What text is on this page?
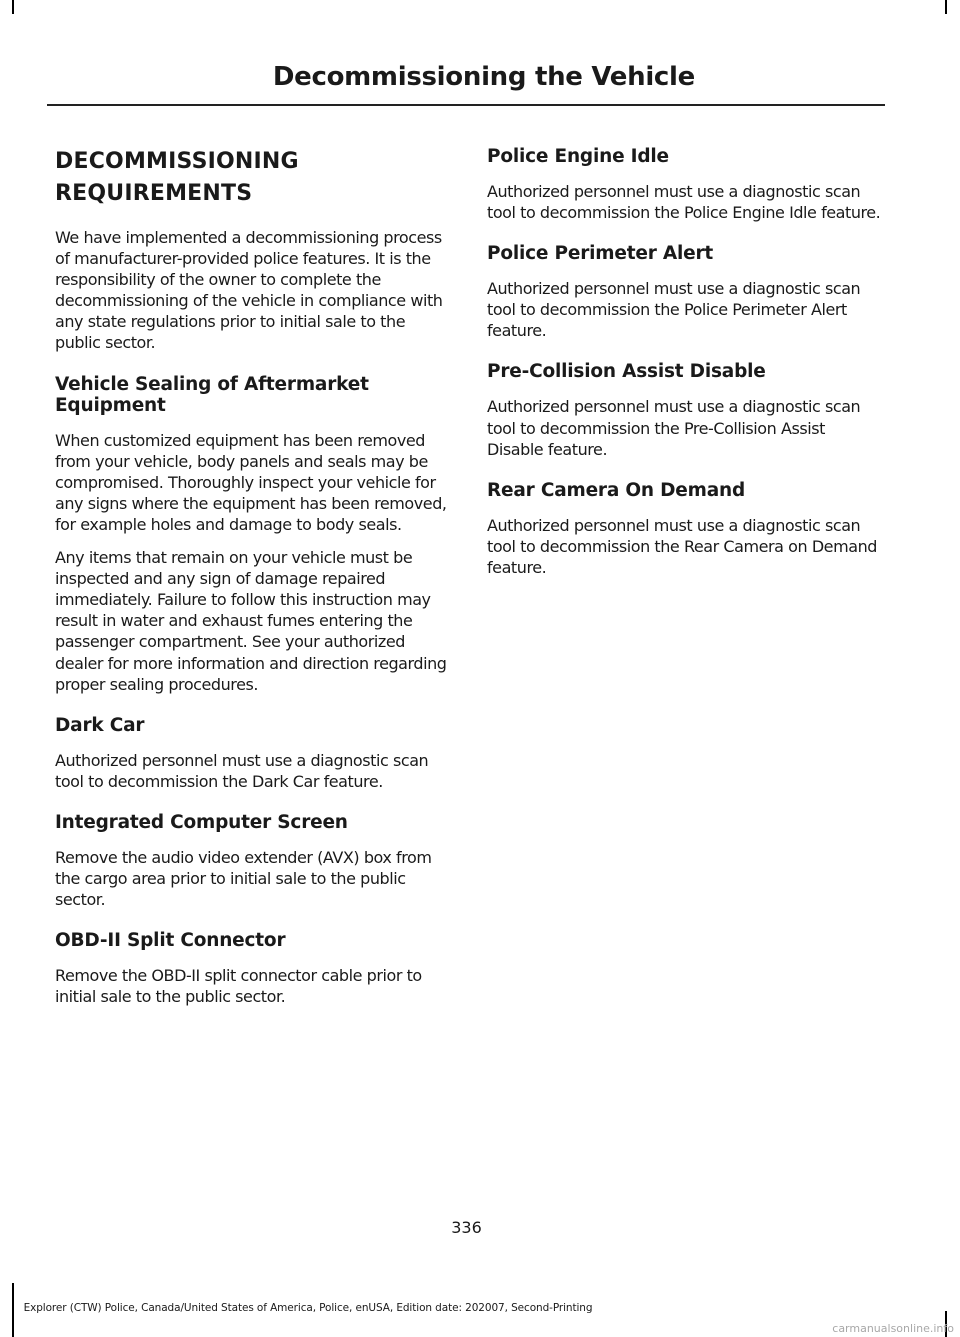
Decommissioning the Vehicle
DECOMMISSIONING
REQUIREMENTS

We have implemented a decommissioning process of manufacturer-provided police features. It is the responsibility of the owner to complete the decommissioning of the vehicle in compliance with any state regulations prior to initial sale to the public sector.

Vehicle Sealing of Aftermarket Equipment

When customized equipment has been removed from your vehicle, body panels and seals may be compromised. Thoroughly inspect your vehicle for any signs where the equipment has been removed, for example holes and damage to body seals.

Any items that remain on your vehicle must be inspected and any sign of damage repaired immediately. Failure to follow this instruction may result in water and exhaust fumes entering the passenger compartment. See your authorized dealer for more information and direction regarding proper sealing procedures.

Dark Car

Authorized personnel must use a diagnostic scan tool to decommission the Dark Car feature.

Integrated Computer Screen

Remove the audio video extender (AVX) box from the cargo area prior to initial sale to the public sector.

OBD-II Split Connector

Remove the OBD-II split connector cable prior to initial sale to the public sector.

Police Engine Idle

Authorized personnel must use a diagnostic scan tool to decommission the Police Engine Idle feature.

Police Perimeter Alert

Authorized personnel must use a diagnostic scan tool to decommission the Police Perimeter Alert feature.

Pre-Collision Assist Disable

Authorized personnel must use a diagnostic scan tool to decommission the Pre-Collision Assist Disable feature.

Rear Camera On Demand

Authorized personnel must use a diagnostic scan tool to decommission the Rear Camera on Demand feature.

336
Explorer (CTW) Police, Canada/United States of America, Police, enUSA, Edition date: 202007, Second-Printing
carmanualsonline.info
